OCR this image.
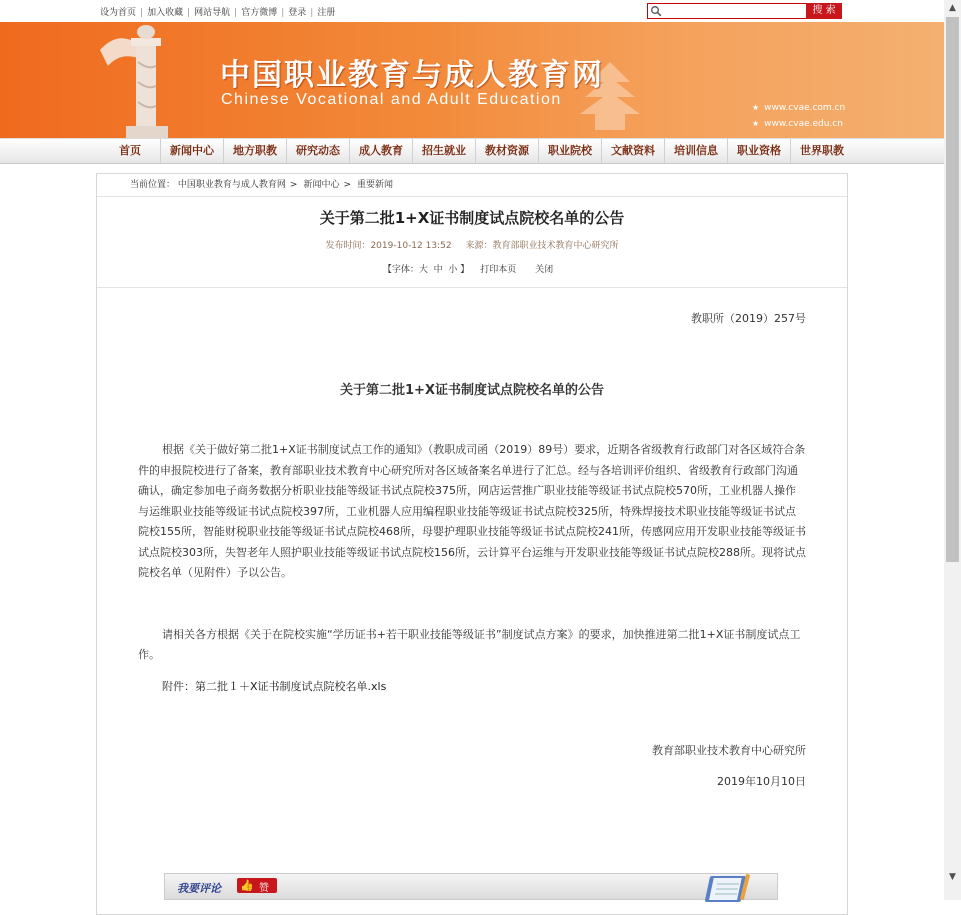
设为首页 | 加入收藏 | 网站导航 | 官方微博 | 登录 | 注册	搜 索
中国职业教育与成人教育网
Chinese Vocational and Adult Education	★ www.cvae.com.cn
★ www.cvae.edu.cn
首页	新闻中心	地方职教	研究动态	成人教育	招生就业	教材资源	职业院校	文献资料	培训信息	职业资格	世界职教
当前位置： 中国职业教育与成人教育网 > 新闻中心 > 重要新闻
关于第二批1+X证书制度试点院校名单的公告
发布时间：2019-10-12 13:52 来源：教育部职业技术教育中心研究所
【字体：大 中 小 】 打印本页 关闭
教职所（2019）257号
关于第二批1+X证书制度试点院校名单的公告

根据《关于做好第二批1+X证书制度试点工作的通知》（教职成司函（2019）89号）要求，近期各省级教育行政部门对各区域符合条件的申报院校进行了备案，教育部职业技术教育中心研究所对各区域备案名单进行了汇总。经与各培训评价组织、省级教育行政部门沟通确认，确定参加电子商务数据分析职业技能等级证书试点院校375所，网店运营推广职业技能等级证书试点院校570所，工业机器人操作与运维职业技能等级证书试点院校397所，工业机器人应用编程职业技能等级证书试点院校325所，特殊焊接技术职业技能等级证书试点院校155所，智能财税职业技能等级证书试点院校468所，母婴护理职业技能等级证书试点院校241所，传感网应用开发职业技能等级证书试点院校303所，失智老年人照护职业技能等级证书试点院校156所，云计算平台运维与开发职业技能等级证书试点院校288所。现将试点院校名单（见附件）予以公告。

请相关各方根据《关于在院校实施“学历证书+若干职业技能等级证书”制度试点方案》的要求，加快推进第二批1+X证书制度试点工作。

附件：第二批１＋X证书制度试点院校名单.xls
教育部职业技术教育中心研究所
2019年10月10日
我要评论 👍 赞
▲
▼
